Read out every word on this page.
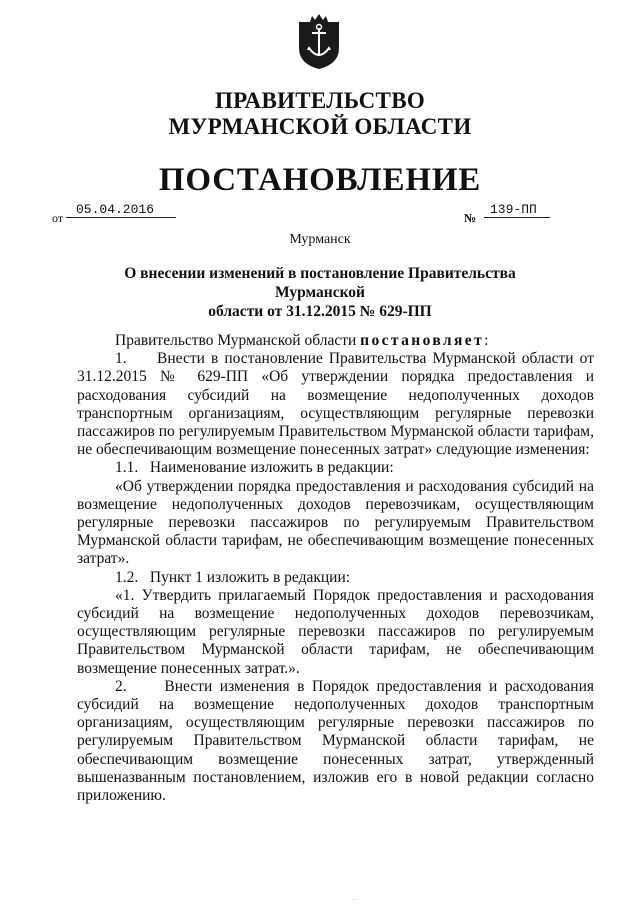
ПРАВИТЕЛЬСТВО
МУРМАНСКОЙ ОБЛАСТИ
ПОСТАНОВЛЕНИЕ
от
05.04.2016
№
139-ПП
Мурманск
О внесении изменений в постановление Правительства Мурманской
области от 31.12.2015 № 629-ПП

Правительство Мурманской области постановляет:

1.     Внести в постановление Правительства Мурманской области от 31.12.2015 № 629-ПП «Об утверждении порядка предоставления и расходования субсидий на возмещение недополученных доходов транспортным организациям, осуществляющим регулярные перевозки пассажиров по регулируемым Правительством Мурманской области тарифам, не обеспечивающим возмещение понесенных затрат» следующие изменения:

1.1.   Наименование изложить в редакции:

«Об утверждении порядка предоставления и расходования субсидий на возмещение недополученных доходов перевозчикам, осуществляющим регулярные перевозки пассажиров по регулируемым Правительством Мурманской области тарифам, не обеспечивающим возмещение понесенных затрат».

1.2.   Пункт 1 изложить в редакции:

«1. Утвердить прилагаемый Порядок предоставления и расходования субсидий на возмещение недополученных доходов перевозчикам, осуществляющим регулярные перевозки пассажиров по регулируемым Правительством Мурманской области тарифам, не обеспечивающим возмещение понесенных затрат.».

2.     Внести изменения в Порядок предоставления и расходования субсидий на возмещение недополученных доходов транспортным организациям, осуществляющим регулярные перевозки пассажиров по регулируемым Правительством Мурманской области тарифам, не обеспечивающим возмещение понесенных затрат, утвержденный вышеназванным постановлением, изложив его в новой редакции согласно приложению.

··
